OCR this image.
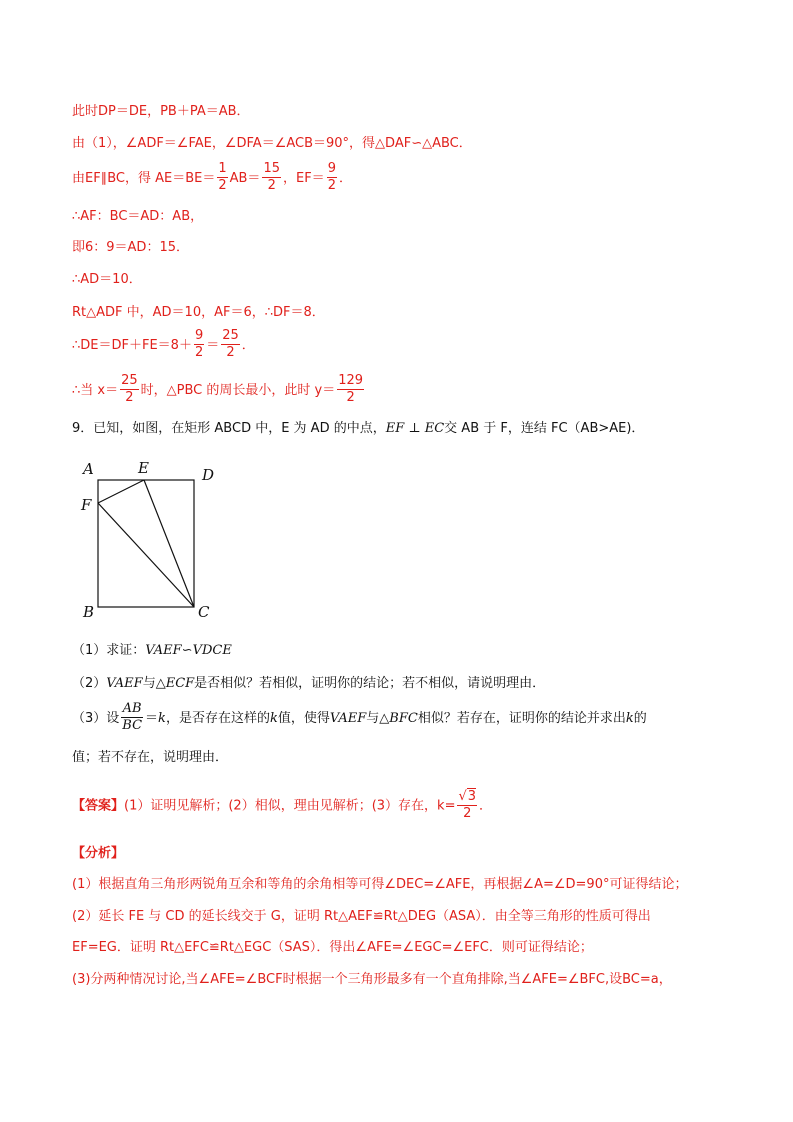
此时DP＝DE，PB＋PA＝AB．
由（1），∠ADF＝∠FAE，∠DFA＝∠ACB＝90°，得△DAF∽△ABC．
由EF∥BC，得 $AE=BE= \frac{1}{2} AB= \frac{15}{2}$ ，$EF= \frac{9}{2}$ ．
∴AF：BC＝AD：AB，
即6：9＝AD：15．
∴AD＝10．
Rt△ADF 中，AD＝10，AF＝6，∴DF＝8．
∴DE＝DF＋FE＝8＋ $\frac{9}{2} = \frac{25}{2}$ ．
∴当 $x= \frac{25}{2}$ 时，△PBC 的周长最小，此时 $y= \frac{129}{2}$
9．已知，如图，在矩形 ABCD 中，E 为 AD 的中点，EF ⊥ EC交 AB 于 F，连结 FC（AB>AE)．
A	E	D
F
B	C
（1）求证：VAEF∽VDCE
（2）VAEF与△ECF是否相似？若相似，证明你的结论；若不相似，请说明理由．
（3）设 $\frac{AB}{BC} =k$，是否存在这样的k值，使得VAEF与△BFC相似？若存在，证明你的结论并求出k的
值；若不存在，说明理由．
【答案】(1）证明见解析；(2）相似，理由见解析；(3）存在，$k= \frac{√3}{2}$ ．
【分析】
(1）根据直角三角形两锐角互余和等角的余角相等可得∠DEC=∠AFE，再根据∠A=∠D=90°可证得结论；
(2）延长 FE 与 CD 的延长线交于 G，证明 Rt△AEF≌Rt△DEG（ASA）．由全等三角形的性质可得出
EF=EG．证明 Rt△EFC≌Rt△EGC（SAS）．得出∠AFE=∠EGC=∠EFC．则可证得结论；
(3)分两种情况讨论,当∠AFE=∠BCF时根据一个三角形最多有一个直角排除,当∠AFE=∠BFC,设BC=a，
